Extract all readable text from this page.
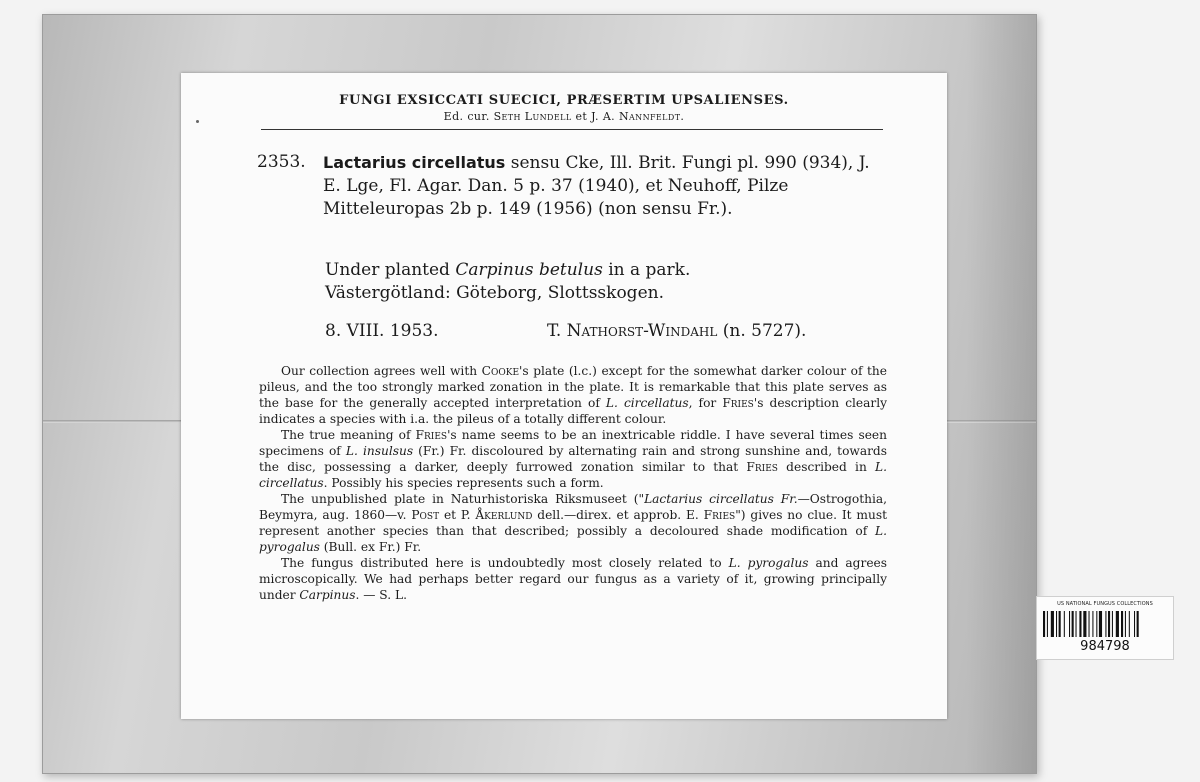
FUNGI EXSICCATI SUECICI, PRÆSERTIM UPSALIENSES.
Ed. cur. Seth Lundell et J. A. Nannfeldt.
2353. Lactarius circellatus sensu Cke, Ill. Brit. Fungi pl. 990 (934), J. E. Lge, Fl. Agar. Dan. 5 p. 37 (1940), et Neuhoff, Pilze Mitteleuropas 2b p. 149 (1956) (non sensu Fr.).
Under planted Carpinus betulus in a park.
Västergötland: Göteborg, Slottsskogen.
8. VIII. 1953.	T. Nathorst-Windahl (n. 5727).

Our collection agrees well with Cooke's plate (l.c.) except for the somewhat darker colour of the pileus, and the too strongly marked zonation in the plate. It is remarkable that this plate serves as the base for the generally accepted interpretation of L. circellatus, for Fries's description clearly indicates a species with i.a. the pileus of a totally different colour.

The true meaning of Fries's name seems to be an inextricable riddle. I have several times seen specimens of L. insulsus (Fr.) Fr. discoloured by alternating rain and strong sunshine and, towards the disc, possessing a darker, deeply furrowed zonation similar to that Fries described in L. circellatus. Possibly his species represents such a form.

The unpublished plate in Naturhistoriska Riksmuseet ("Lactarius circellatus Fr.—Ostrogothia, Beymyra, aug. 1860—v. Post et P. Åkerlund dell.—direx. et approb. E. Fries") gives no clue. It must represent another species than that described; possibly a decoloured shade modification of L. pyrogalus (Bull. ex Fr.) Fr.

The fungus distributed here is undoubtedly most closely related to L. pyrogalus and agrees microscopically. We had perhaps better regard our fungus as a variety of it, growing principally under Carpinus. — S. L.

US NATIONAL FUNGUS COLLECTIONS
984798
